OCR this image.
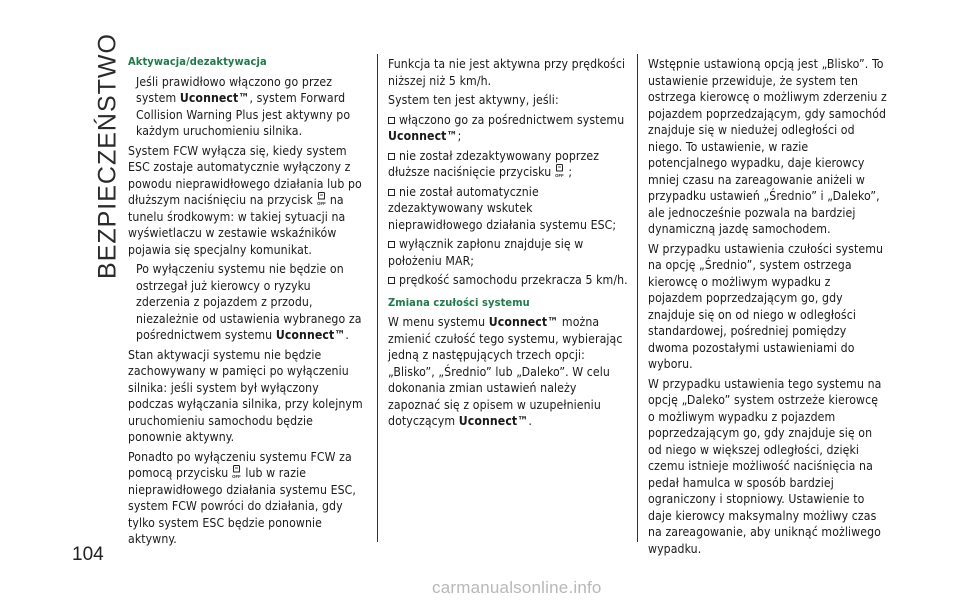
BEZPIECZEŃSTWO
104
Aktywacja/dezaktywacja

Jeśli prawidłowo włączono go przez system Uconnect™, system Forward Collision Warning Plus jest aktywny po każdym uruchomieniu silnika.

System FCW wyłącza się, kiedy system ESC zostaje automatycznie wyłączony z powodu nieprawidłowego działania lub po dłuższym naciśnięciu na przycisk OFF na tunelu środkowym: w takiej sytuacji na wyświetlaczu w zestawie wskaźników pojawia się specjalny komunikat.

Po wyłączeniu systemu nie będzie on ostrzegał już kierowcy o ryzyku zderzenia z pojazdem z przodu, niezależnie od ustawienia wybranego za pośrednictwem systemu Uconnect™.

Stan aktywacji systemu nie będzie zachowywany w pamięci po wyłączeniu silnika: jeśli system był wyłączony podczas wyłączania silnika, przy kolejnym uruchomieniu samochodu będzie ponownie aktywny.

Ponadto po wyłączeniu systemu FCW za pomocą przycisku OFF lub w razie nieprawidłowego działania systemu ESC, system FCW powróci do działania, gdy tylko system ESC będzie ponownie aktywny.

Funkcja ta nie jest aktywna przy prędkości niższej niż 5 km/h.

System ten jest aktywny, jeśli:

włączono go za pośrednictwem systemu Uconnect™;

nie został zdezaktywowany poprzez dłuższe naciśnięcie przycisku OFF ;

nie został automatycznie zdezaktywowany wskutek nieprawidłowego działania systemu ESC;

wyłącznik zapłonu znajduje się w położeniu MAR;

prędkość samochodu przekracza 5 km/h.

Zmiana czułości systemu

W menu systemu Uconnect™ można zmienić czułość tego systemu, wybierając jedną z następujących trzech opcji: „Blisko”, „Średnio” lub „Daleko”. W celu dokonania zmian ustawień należy zapoznać się z opisem w uzupełnieniu dotyczącym Uconnect™.

Wstępnie ustawioną opcją jest „Blisko”. To ustawienie przewiduje, że system ten ostrzega kierowcę o możliwym zderzeniu z pojazdem poprzedzającym, gdy samochód znajduje się w niedużej odległości od niego. To ustawienie, w razie potencjalnego wypadku, daje kierowcy mniej czasu na zareagowanie aniżeli w przypadku ustawień „Średnio” i „Daleko”, ale jednocześnie pozwala na bardziej dynamiczną jazdę samochodem.

W przypadku ustawienia czułości systemu na opcję „Średnio”, system ostrzega kierowcę o możliwym wypadku z pojazdem poprzedzającym go, gdy znajduje się on od niego w odległości standardowej, pośredniej pomiędzy dwoma pozostałymi ustawieniami do wyboru.

W przypadku ustawienia tego systemu na opcję „Daleko” system ostrzeże kierowcę o możliwym wypadku z pojazdem poprzedzającym go, gdy znajduje się on od niego w większej odległości, dzięki czemu istnieje możliwość naciśnięcia na pedał hamulca w sposób bardziej ograniczony i stopniowy. Ustawienie to daje kierowcy maksymalny możliwy czas na zareagowanie, aby uniknąć możliwego wypadku.

carmanualsonline.info
